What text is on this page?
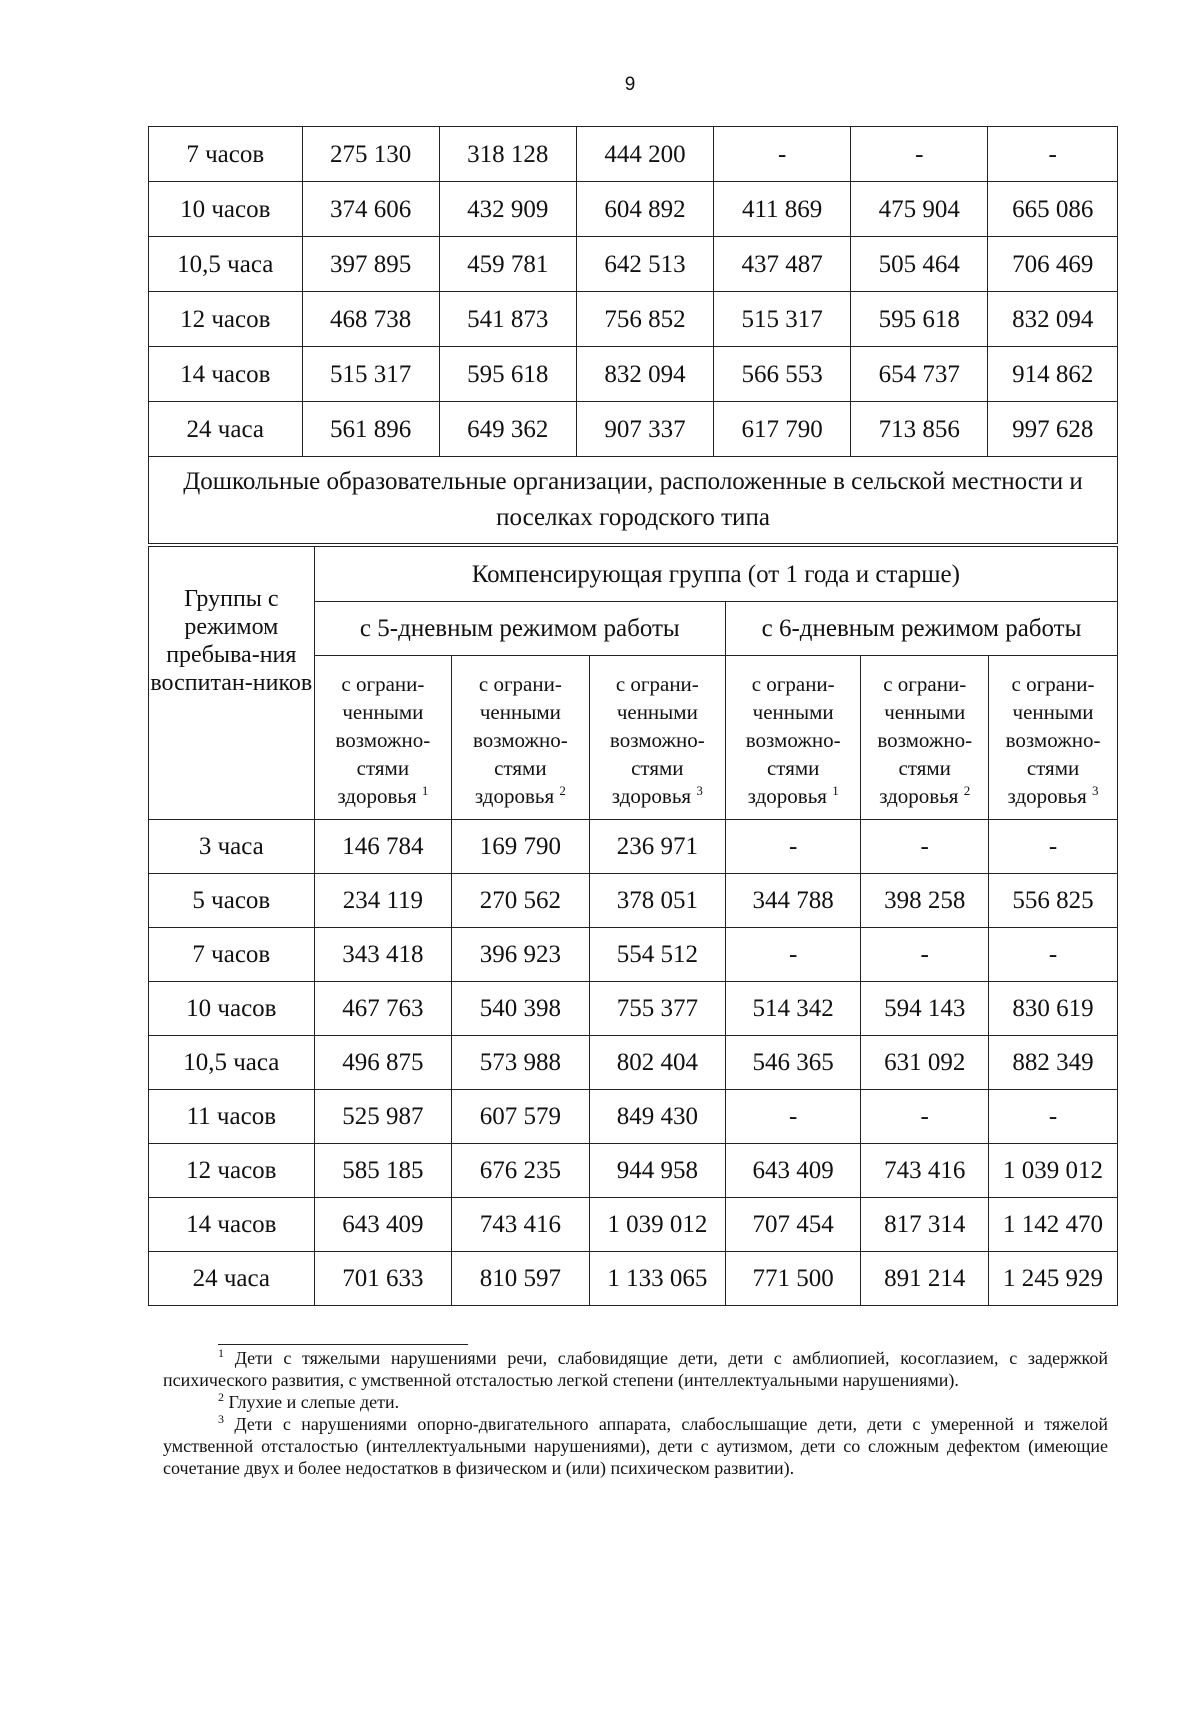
9
7 часов	275 130	318 128	444 200	-	-	-
10 часов	374 606	432 909	604 892	411 869	475 904	665 086
10,5 часа	397 895	459 781	642 513	437 487	505 464	706 469
12 часов	468 738	541 873	756 852	515 317	595 618	832 094
14 часов	515 317	595 618	832 094	566 553	654 737	914 862
24 часа	561 896	649 362	907 337	617 790	713 856	997 628
Дошкольные образовательные организации, расположенные в сельской местности и поселках городского типа						
Группы с режимом пребыва-ния воспитан-ников	Компенсирующая группа (от 1 года и старше)					
	с 5-дневным режимом работы			с 6-дневным режимом работы		
	с ограни-ченными возможно-стями здоровья $^1$	с ограни-ченными возможно-стями здоровья $^2$	с ограни-ченными возможно-стями здоровья $^3$	с ограни-ченными возможно-стями здоровья $^1$	с ограни-ченными возможно-стями здоровья $^2$	с ограни-ченными возможно-стями здоровья $^3$
3 часа	146 784	169 790	236 971	-	-	-
5 часов	234 119	270 562	378 051	344 788	398 258	556 825
7 часов	343 418	396 923	554 512	-	-	-
10 часов	467 763	540 398	755 377	514 342	594 143	830 619
10,5 часа	496 875	573 988	802 404	546 365	631 092	882 349
11 часов	525 987	607 579	849 430	-	-	-
12 часов	585 185	676 235	944 958	643 409	743 416	1 039 012
14 часов	643 409	743 416	1 039 012	707 454	817 314	1 142 470
24 часа	701 633	810 597	1 133 065	771 500	891 214	1 245 929

$^1$ Дети с тяжелыми нарушениями речи, слабовидящие дети, дети с амблиопией, косоглазием, с задержкой психического развития, с умственной отсталостью легкой степени (интеллектуальными нарушениями).

$^2$ Глухие и слепые дети.

$^3$ Дети с нарушениями опорно-двигательного аппарата, слабослышащие дети, дети с умеренной и тяжелой умственной отсталостью (интеллектуальными нарушениями), дети с аутизмом, дети со сложным дефектом (имеющие сочетание двух и более недостатков в физическом и (или) психическом развитии).
